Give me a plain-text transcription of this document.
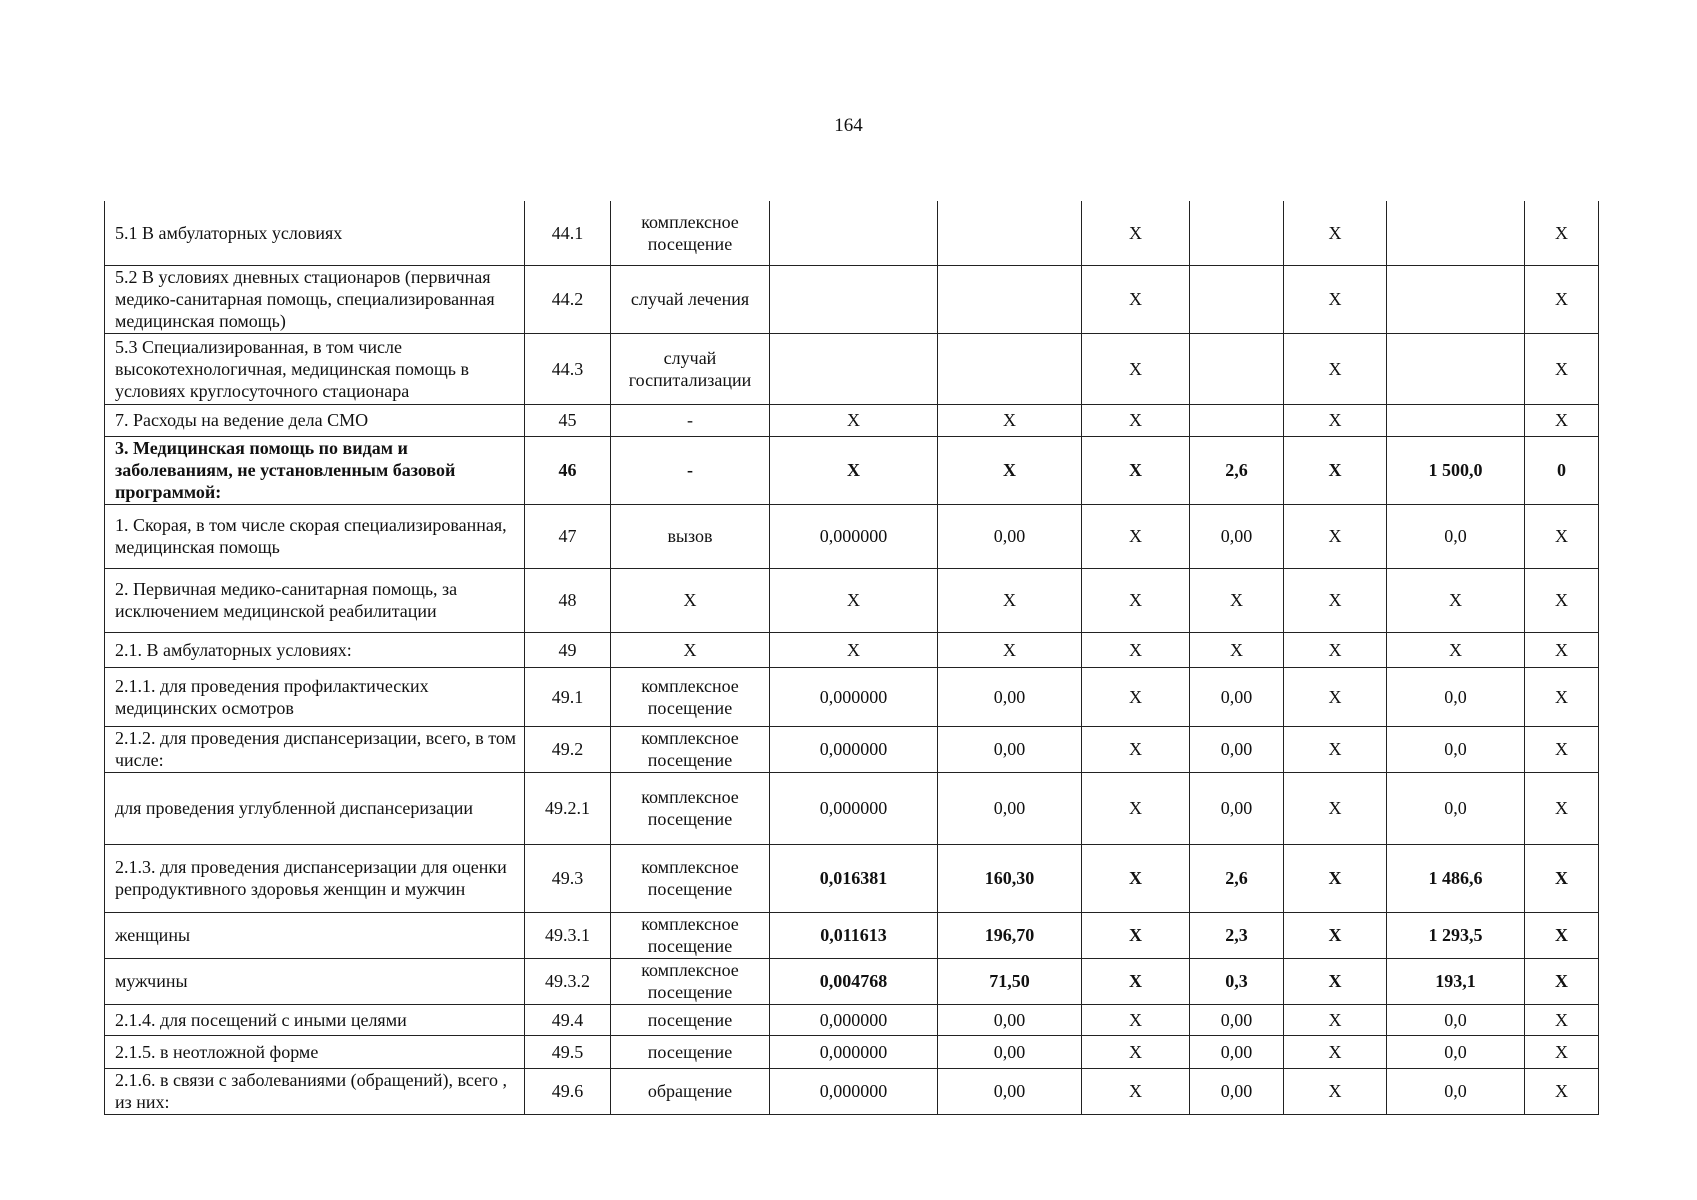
164
5.1 В амбулаторных условиях	44.1	комплексное посещение			X		X		X
5.2 В условиях дневных стационаров (первичная медико-санитарная помощь, специализированная медицинская помощь)	44.2	случай лечения			X		X		X
5.3 Специализированная, в том числе высокотехнологичная, медицинская помощь в условиях круглосуточного стационара	44.3	случай госпитализации			X		X		X
7. Расходы на ведение дела СМО	45	-	X	X	X		X		X
3. Медицинская помощь по видам и заболеваниям, не установленным базовой программой:	46	-	X	X	X	2,6	X	1 500,0	0
1. Скорая, в том числе скорая специализированная, медицинская помощь	47	вызов	0,000000	0,00	X	0,00	X	0,0	X
2. Первичная медико-санитарная помощь, за исключением медицинской реабилитации	48	X	X	X	X	X	X	X	X
2.1. В амбулаторных условиях:	49	X	X	X	X	X	X	X	X
2.1.1. для проведения профилактических медицинских осмотров	49.1	комплексное посещение	0,000000	0,00	X	0,00	X	0,0	X
2.1.2. для проведения диспансеризации, всего, в том числе:	49.2	комплексное посещение	0,000000	0,00	X	0,00	X	0,0	X
для проведения углубленной диспансеризации	49.2.1	комплексное посещение	0,000000	0,00	X	0,00	X	0,0	X
2.1.3. для проведения диспансеризации для оценки репродуктивного здоровья женщин и мужчин	49.3	комплексное посещение	0,016381	160,30	X	2,6	X	1 486,6	X
женщины	49.3.1	комплексное посещение	0,011613	196,70	X	2,3	X	1 293,5	X
мужчины	49.3.2	комплексное посещение	0,004768	71,50	X	0,3	X	193,1	X
2.1.4. для посещений с иными целями	49.4	посещение	0,000000	0,00	X	0,00	X	0,0	X
2.1.5. в неотложной форме	49.5	посещение	0,000000	0,00	X	0,00	X	0,0	X
2.1.6. в связи с заболеваниями (обращений), всего , из них:	49.6	обращение	0,000000	0,00	X	0,00	X	0,0	X
